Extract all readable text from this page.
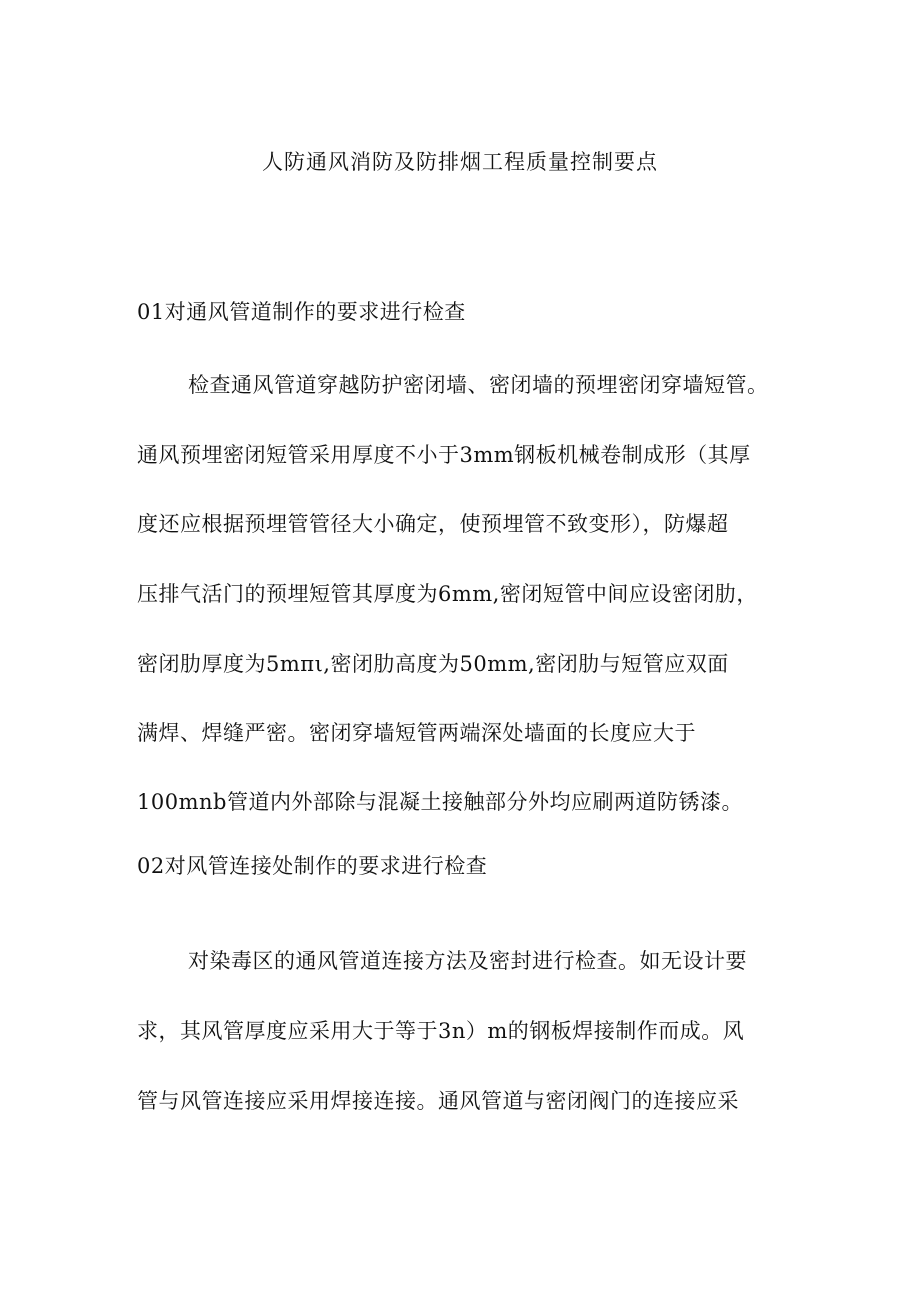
人防通风消防及防排烟工程质量控制要点
01对通风管道制作的要求进行检查
检查通风管道穿越防护密闭墙、密闭墙的预埋密闭穿墙短管。
通风预埋密闭短管采用厚度不小于3mm钢板机械卷制成形（其厚
度还应根据预埋管管径大小确定，使预埋管不致变形），防爆超
压排气活门的预埋短管其厚度为6mm,密闭短管中间应设密闭肋，
密闭肋厚度为5mπι,密闭肋高度为50mm,密闭肋与短管应双面
满焊、焊缝严密。密闭穿墙短管两端深处墙面的长度应大于
100mnb管道内外部除与混凝土接触部分外均应刷两道防锈漆。
02对风管连接处制作的要求进行检查
对染毒区的通风管道连接方法及密封进行检查。如无设计要
求，其风管厚度应采用大于等于3n）m的钢板焊接制作而成。风
管与风管连接应采用焊接连接。通风管道与密闭阀门的连接应采
